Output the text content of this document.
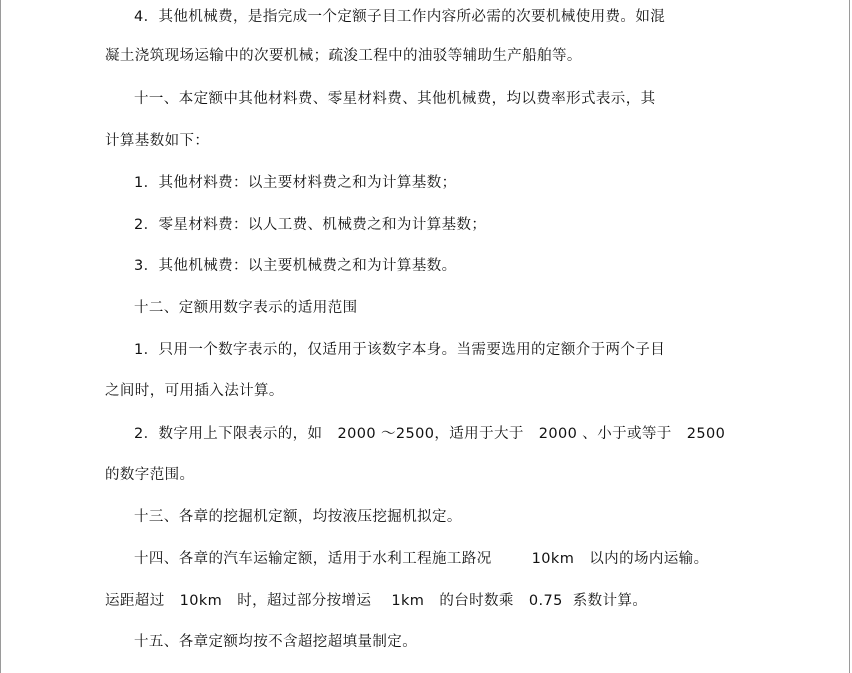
4．其他机械费，是指完成一个定额子目工作内容所必需的次要机械使用费。如混
凝土浇筑现场运输中的次要机械；疏浚工程中的油驳等辅助生产船舶等。
十一、本定额中其他材料费、零星材料费、其他机械费，均以费率形式表示，其
计算基数如下：
1．其他材料费：以主要材料费之和为计算基数；
2．零星材料费：以人工费、机械费之和为计算基数；
3．其他机械费：以主要机械费之和为计算基数。
十二、定额用数字表示的适用范围
1．只用一个数字表示的，仅适用于该数字本身。当需要选用的定额介于两个子目
之间时，可用插入法计算。
2．数字用上下限表示的，如   2000 ～2500，适用于大于   2000 、小于或等于   2500
的数字范围。
十三、各章的挖掘机定额，均按液压挖掘机拟定。
十四、各章的汽车运输定额，适用于水利工程施工路况        10km   以内的场内运输。
运距超过   10km   时，超过部分按增运    1km   的台时数乘   0.75  系数计算。
十五、各章定额均按不含超挖超填量制定。
